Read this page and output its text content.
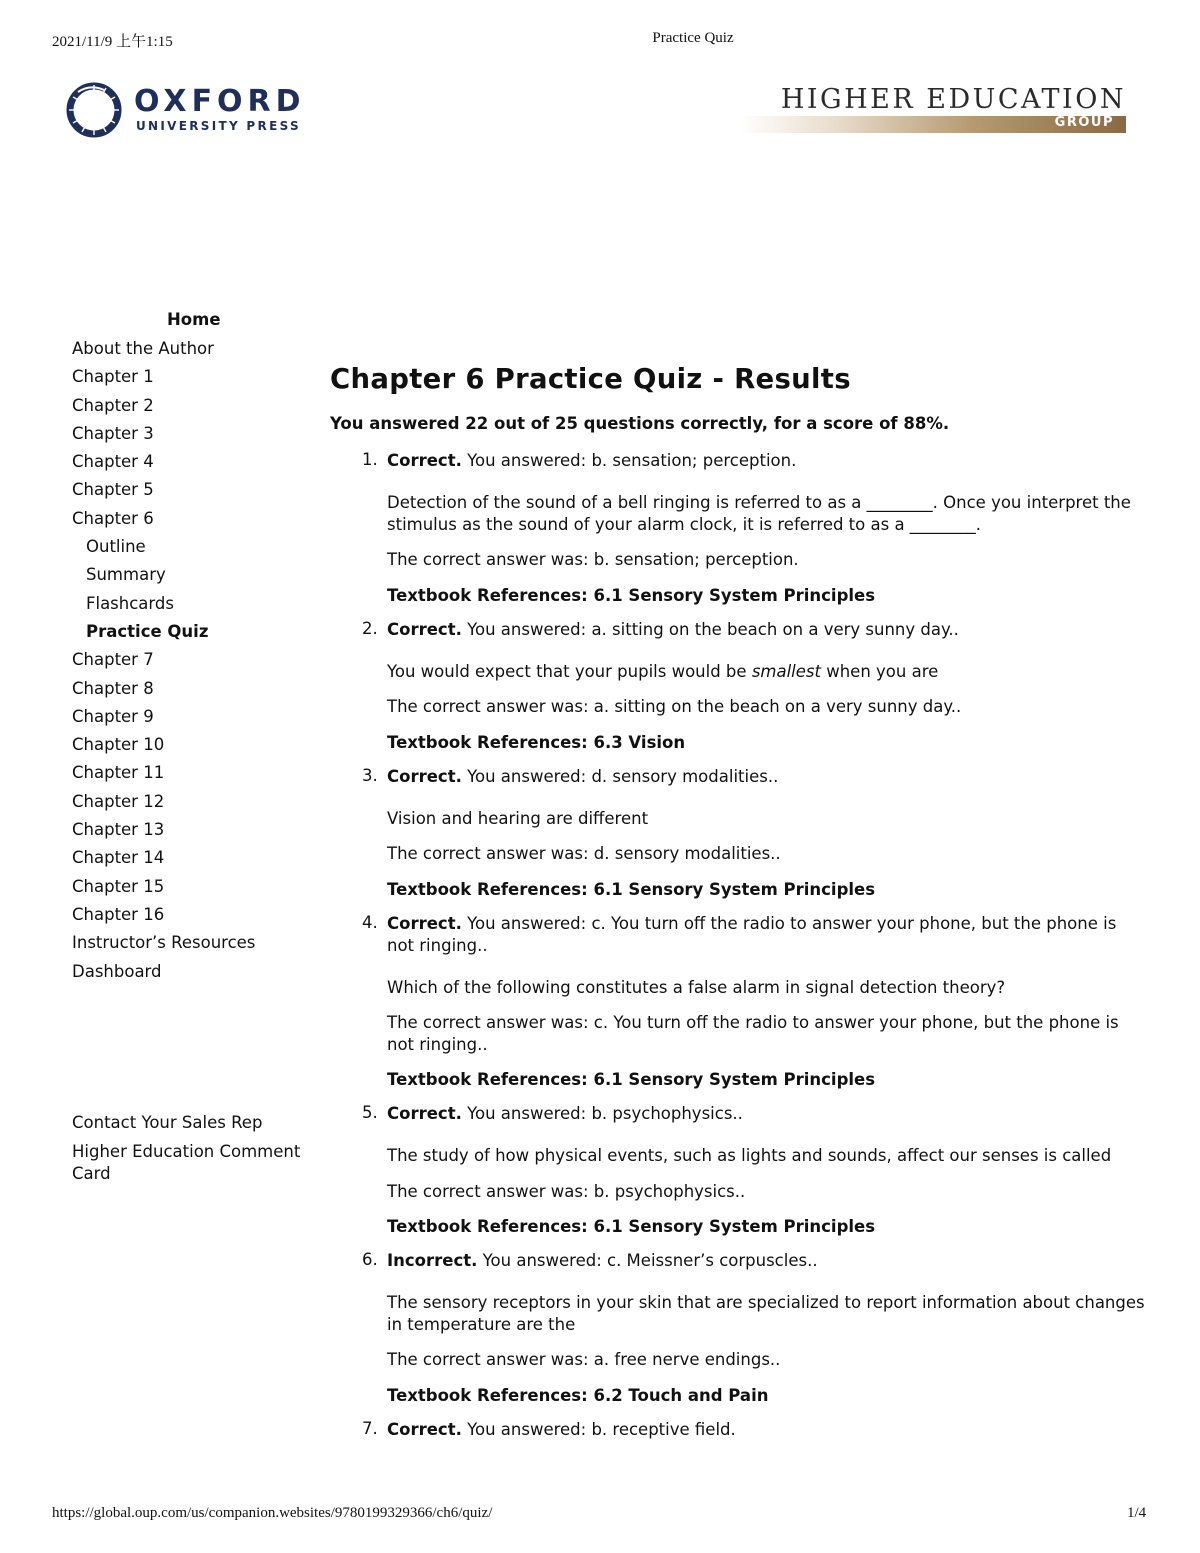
2021/11/9 上午1:15	Practice Quiz
https://global.oup.com/us/companion.websites/9780199329366/ch6/quiz/	1/4
OXFORD
UNIVERSITY PRESS
HIGHER EDUCATION
GROUP
Home
About the Author
Chapter 1
Chapter 2
Chapter 3
Chapter 4
Chapter 5
Chapter 6
Outline
Summary
Flashcards
Practice Quiz
Chapter 7
Chapter 8
Chapter 9
Chapter 10
Chapter 11
Chapter 12
Chapter 13
Chapter 14
Chapter 15
Chapter 16
Instructor’s Resources
Dashboard
Contact Your Sales Rep
Higher Education Comment Card
Chapter 6 Practice Quiz - Results

You answered 22 out of 25 questions correctly, for a score of 88%.

1. Correct. You answered: b. sensation; perception.
Detection of the sound of a bell ringing is referred to as a ________. Once you interpret the stimulus as the sound of your alarm clock, it is referred to as a ________.
The correct answer was: b. sensation; perception.
Textbook References: 6.1 Sensory System Principles
2. Correct. You answered: a. sitting on the beach on a very sunny day..
You would expect that your pupils would be smallest when you are
The correct answer was: a. sitting on the beach on a very sunny day..
Textbook References: 6.3 Vision
3. Correct. You answered: d. sensory modalities..
Vision and hearing are different
The correct answer was: d. sensory modalities..
Textbook References: 6.1 Sensory System Principles
4. Correct. You answered: c. You turn off the radio to answer your phone, but the phone is not ringing..
Which of the following constitutes a false alarm in signal detection theory?
The correct answer was: c. You turn off the radio to answer your phone, but the phone is not ringing..
Textbook References: 6.1 Sensory System Principles
5. Correct. You answered: b. psychophysics..
The study of how physical events, such as lights and sounds, affect our senses is called
The correct answer was: b. psychophysics..
Textbook References: 6.1 Sensory System Principles
6. Incorrect. You answered: c. Meissner’s corpuscles..
The sensory receptors in your skin that are specialized to report information about changes in temperature are the
The correct answer was: a. free nerve endings..
Textbook References: 6.2 Touch and Pain
7. Correct. You answered: b. receptive field.
